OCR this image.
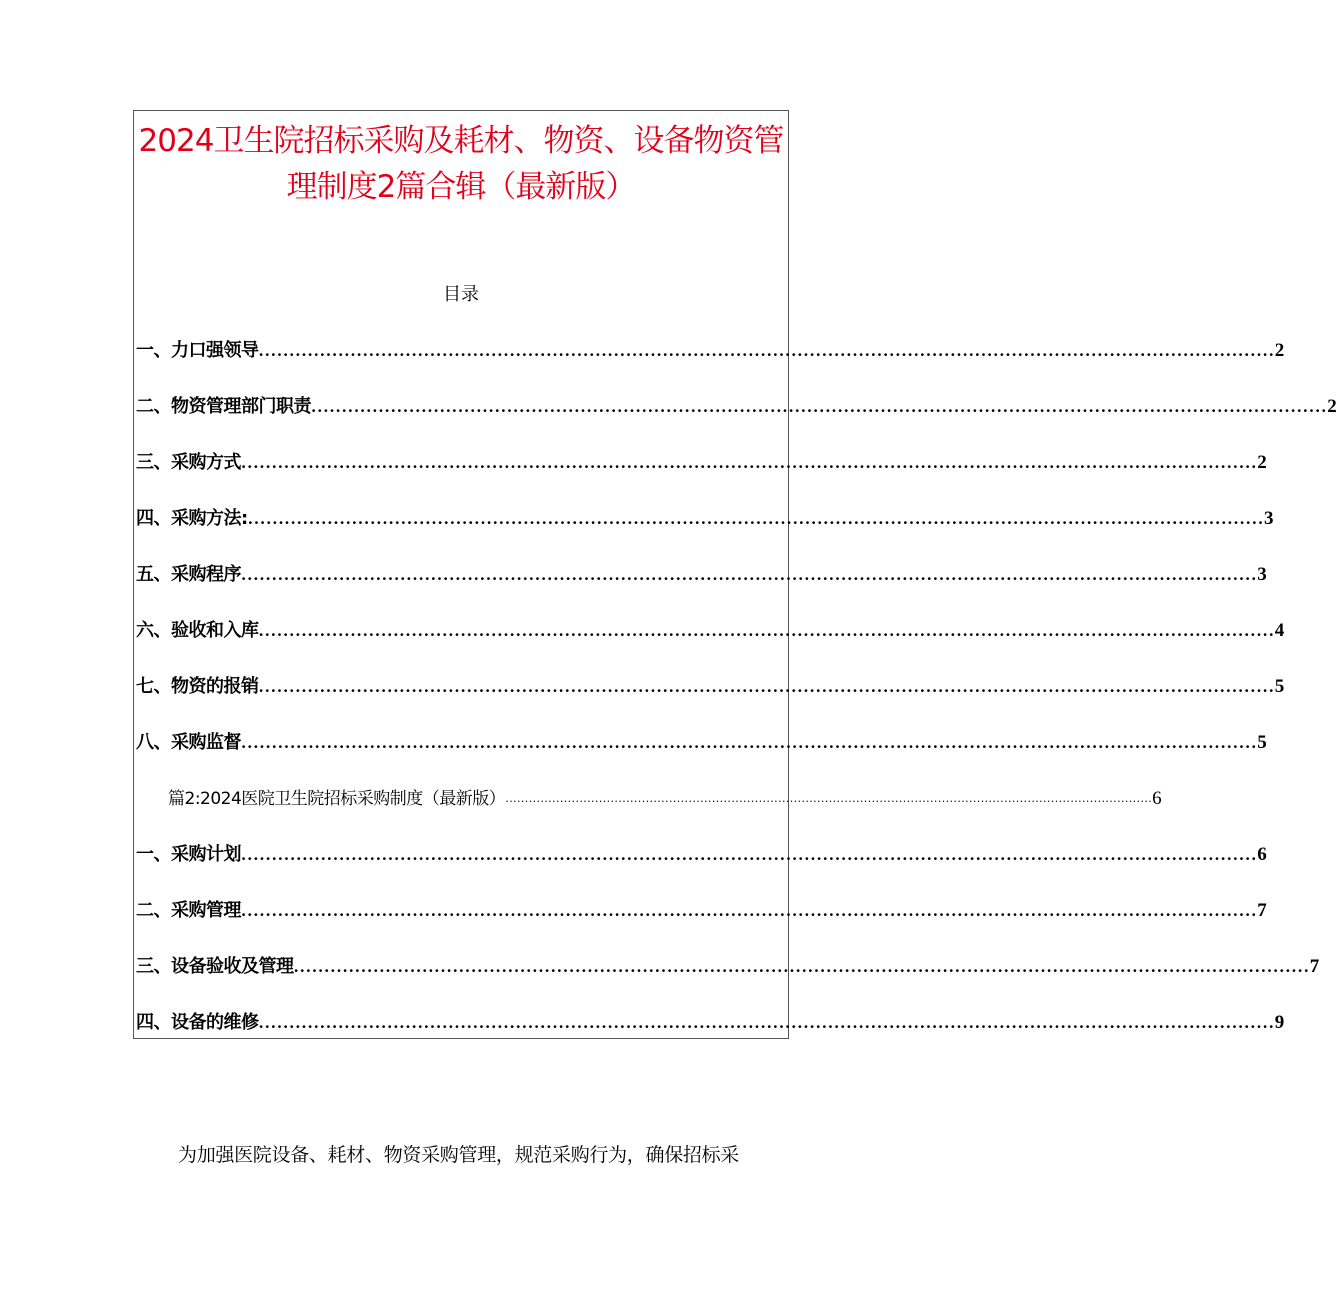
2024卫生院招标采购及耗材、物资、设备物资管理制度2篇合辑（最新版）
目录
一、力口强领导 ...................................................................................................................................................................... 2
二、物资管理部门职责 ...................................................................................................................................................................... 2
三、采购方式 ...................................................................................................................................................................... 2
四、采购方法: ...................................................................................................................................................................... 3
五、采购程序 ...................................................................................................................................................................... 3
六、验收和入库 ...................................................................................................................................................................... 4
七、物资的报销 ...................................................................................................................................................................... 5
八、采购监督 ...................................................................................................................................................................... 5
篇2:2024医院卫生院招标采购制度（最新版） ...................................................................................................................................................................... 6
一、采购计划 ...................................................................................................................................................................... 6
二、采购管理 ...................................................................................................................................................................... 7
三、设备验收及管理 ...................................................................................................................................................................... 7
四、设备的维修 ...................................................................................................................................................................... 9
为加强医院设备、耗材、物资采购管理，规范采购行为，确保招标采
